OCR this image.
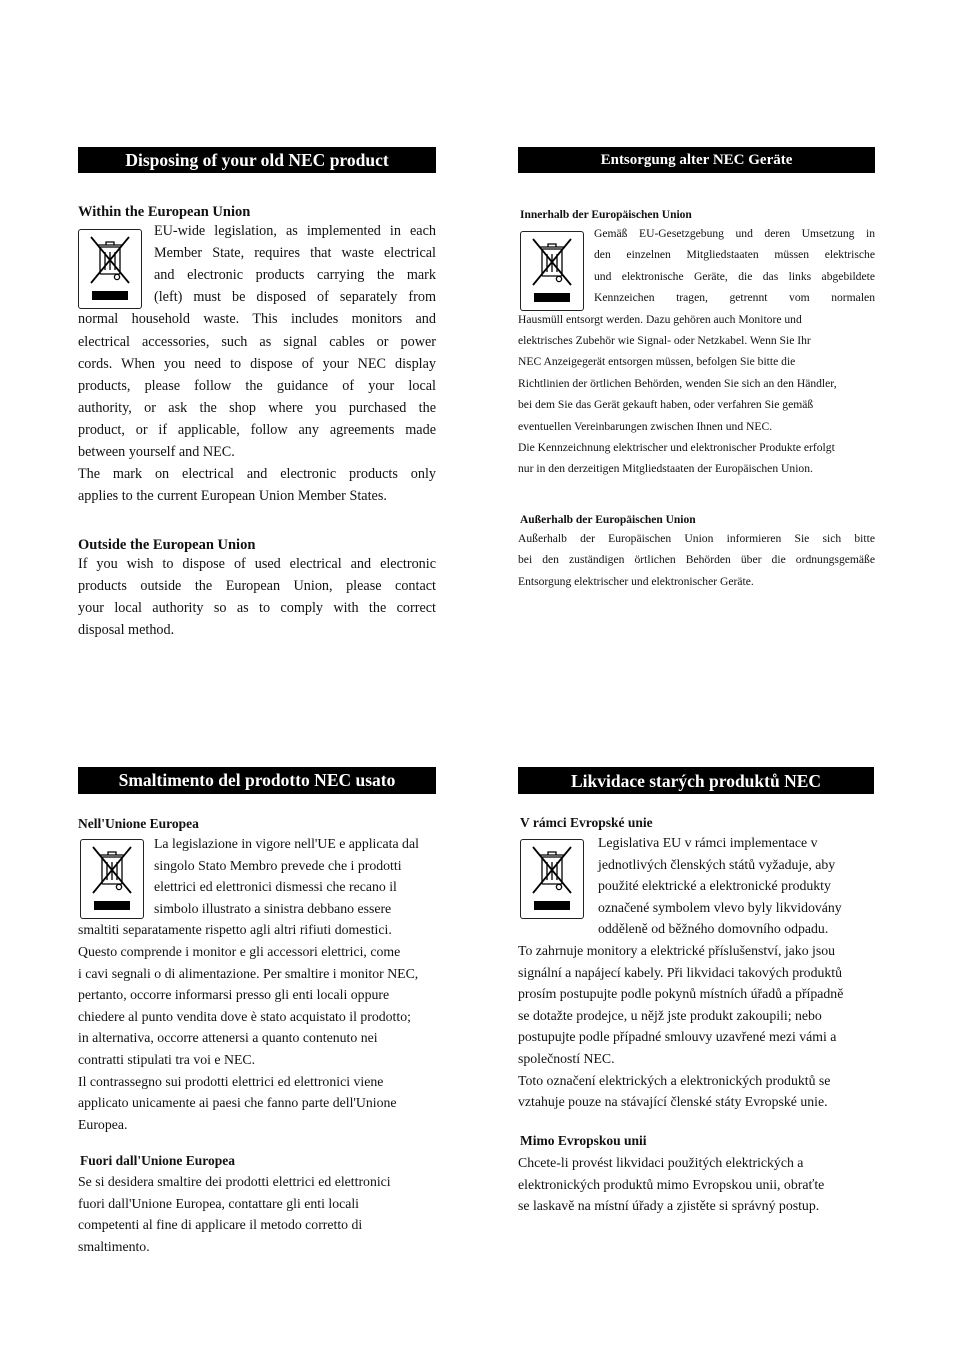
Disposing of your old NEC product
Within the European Union
EU-wide legislation, as implemented in each
Member State, requires that waste electrical
and electronic products carrying the mark
(left) must be disposed of separately from
normal household waste. This includes monitors and
electrical accessories, such as signal cables or power
cords. When you need to dispose of your NEC display
products, please follow the guidance of your local
authority, or ask the shop where you purchased the
product, or if applicable, follow any agreements made
between yourself and NEC.
The mark on electrical and electronic products only
applies to the current European Union Member States.
Outside the European Union
If you wish to dispose of used electrical and electronic
products outside the European Union, please contact
your local authority so as to comply with the correct
disposal method.
Entsorgung alter NEC Geräte
Innerhalb der Europäischen Union
Gemäß EU-Gesetzgebung und deren Umsetzung in
den einzelnen Mitgliedstaaten müssen elektrische
und elektronische Geräte, die das links abgebildete
Kennzeichen tragen, getrennt vom normalen
Hausmüll entsorgt werden. Dazu gehören auch Monitore und
elektrisches Zubehör wie Signal- oder Netzkabel. Wenn Sie Ihr
NEC Anzeigegerät entsorgen müssen, befolgen Sie bitte die
Richtlinien der örtlichen Behörden, wenden Sie sich an den Händler,
bei dem Sie das Gerät gekauft haben, oder verfahren Sie gemäß
eventuellen Vereinbarungen zwischen Ihnen und NEC.
Die Kennzeichnung elektrischer und elektronischer Produkte erfolgt
nur in den derzeitigen Mitgliedstaaten der Europäischen Union.
Außerhalb der Europäischen Union
Außerhalb der Europäischen Union informieren Sie sich bitte
bei den zuständigen örtlichen Behörden über die ordnungsgemäße
Entsorgung elektrischer und elektronischer Geräte.
Smaltimento del prodotto NEC usato
Nell'Unione Europea
La legislazione in vigore nell'UE e applicata dal
singolo Stato Membro prevede che i prodotti
elettrici ed elettronici dismessi che recano il
simbolo illustrato a sinistra debbano essere
smaltiti separatamente rispetto agli altri rifiuti domestici.
Questo comprende i monitor e gli accessori elettrici, come
i cavi segnali o di alimentazione. Per smaltire i monitor NEC,
pertanto, occorre informarsi presso gli enti locali oppure
chiedere al punto vendita dove è stato acquistato il prodotto;
in alternativa, occorre attenersi a quanto contenuto nei
contratti stipulati tra voi e NEC.
Il contrassegno sui prodotti elettrici ed elettronici viene
applicato unicamente ai paesi che fanno parte dell'Unione
Europea.
Fuori dall'Unione Europea
Se si desidera smaltire dei prodotti elettrici ed elettronici
fuori dall'Unione Europea, contattare gli enti locali
competenti al fine di applicare il metodo corretto di
smaltimento.
Likvidace starých produktů NEC
V rámci Evropské unie
Legislativa EU v rámci implementace v
jednotlivých členských států vyžaduje, aby
použité elektrické a elektronické produkty
označené symbolem vlevo byly likvidovány
odděleně od běžného domovního odpadu.
To zahrnuje monitory a elektrické příslušenství, jako jsou
signální a napájecí kabely. Při likvidaci takových produktů
prosím postupujte podle pokynů místních úřadů a případně
se dotažte prodejce, u nějž jste produkt zakoupili; nebo
postupujte podle případné smlouvy uzavřené mezi vámi a
společností NEC.
Toto označení elektrických a elektronických produktů se
vztahuje pouze na stávající členské státy Evropské unie.
Mimo Evropskou unii
Chcete-li provést likvidaci použitých elektrických a
elektronických produktů mimo Evropskou unii, obraťte
se laskavě na místní úřady a zjistěte si správný postup.
